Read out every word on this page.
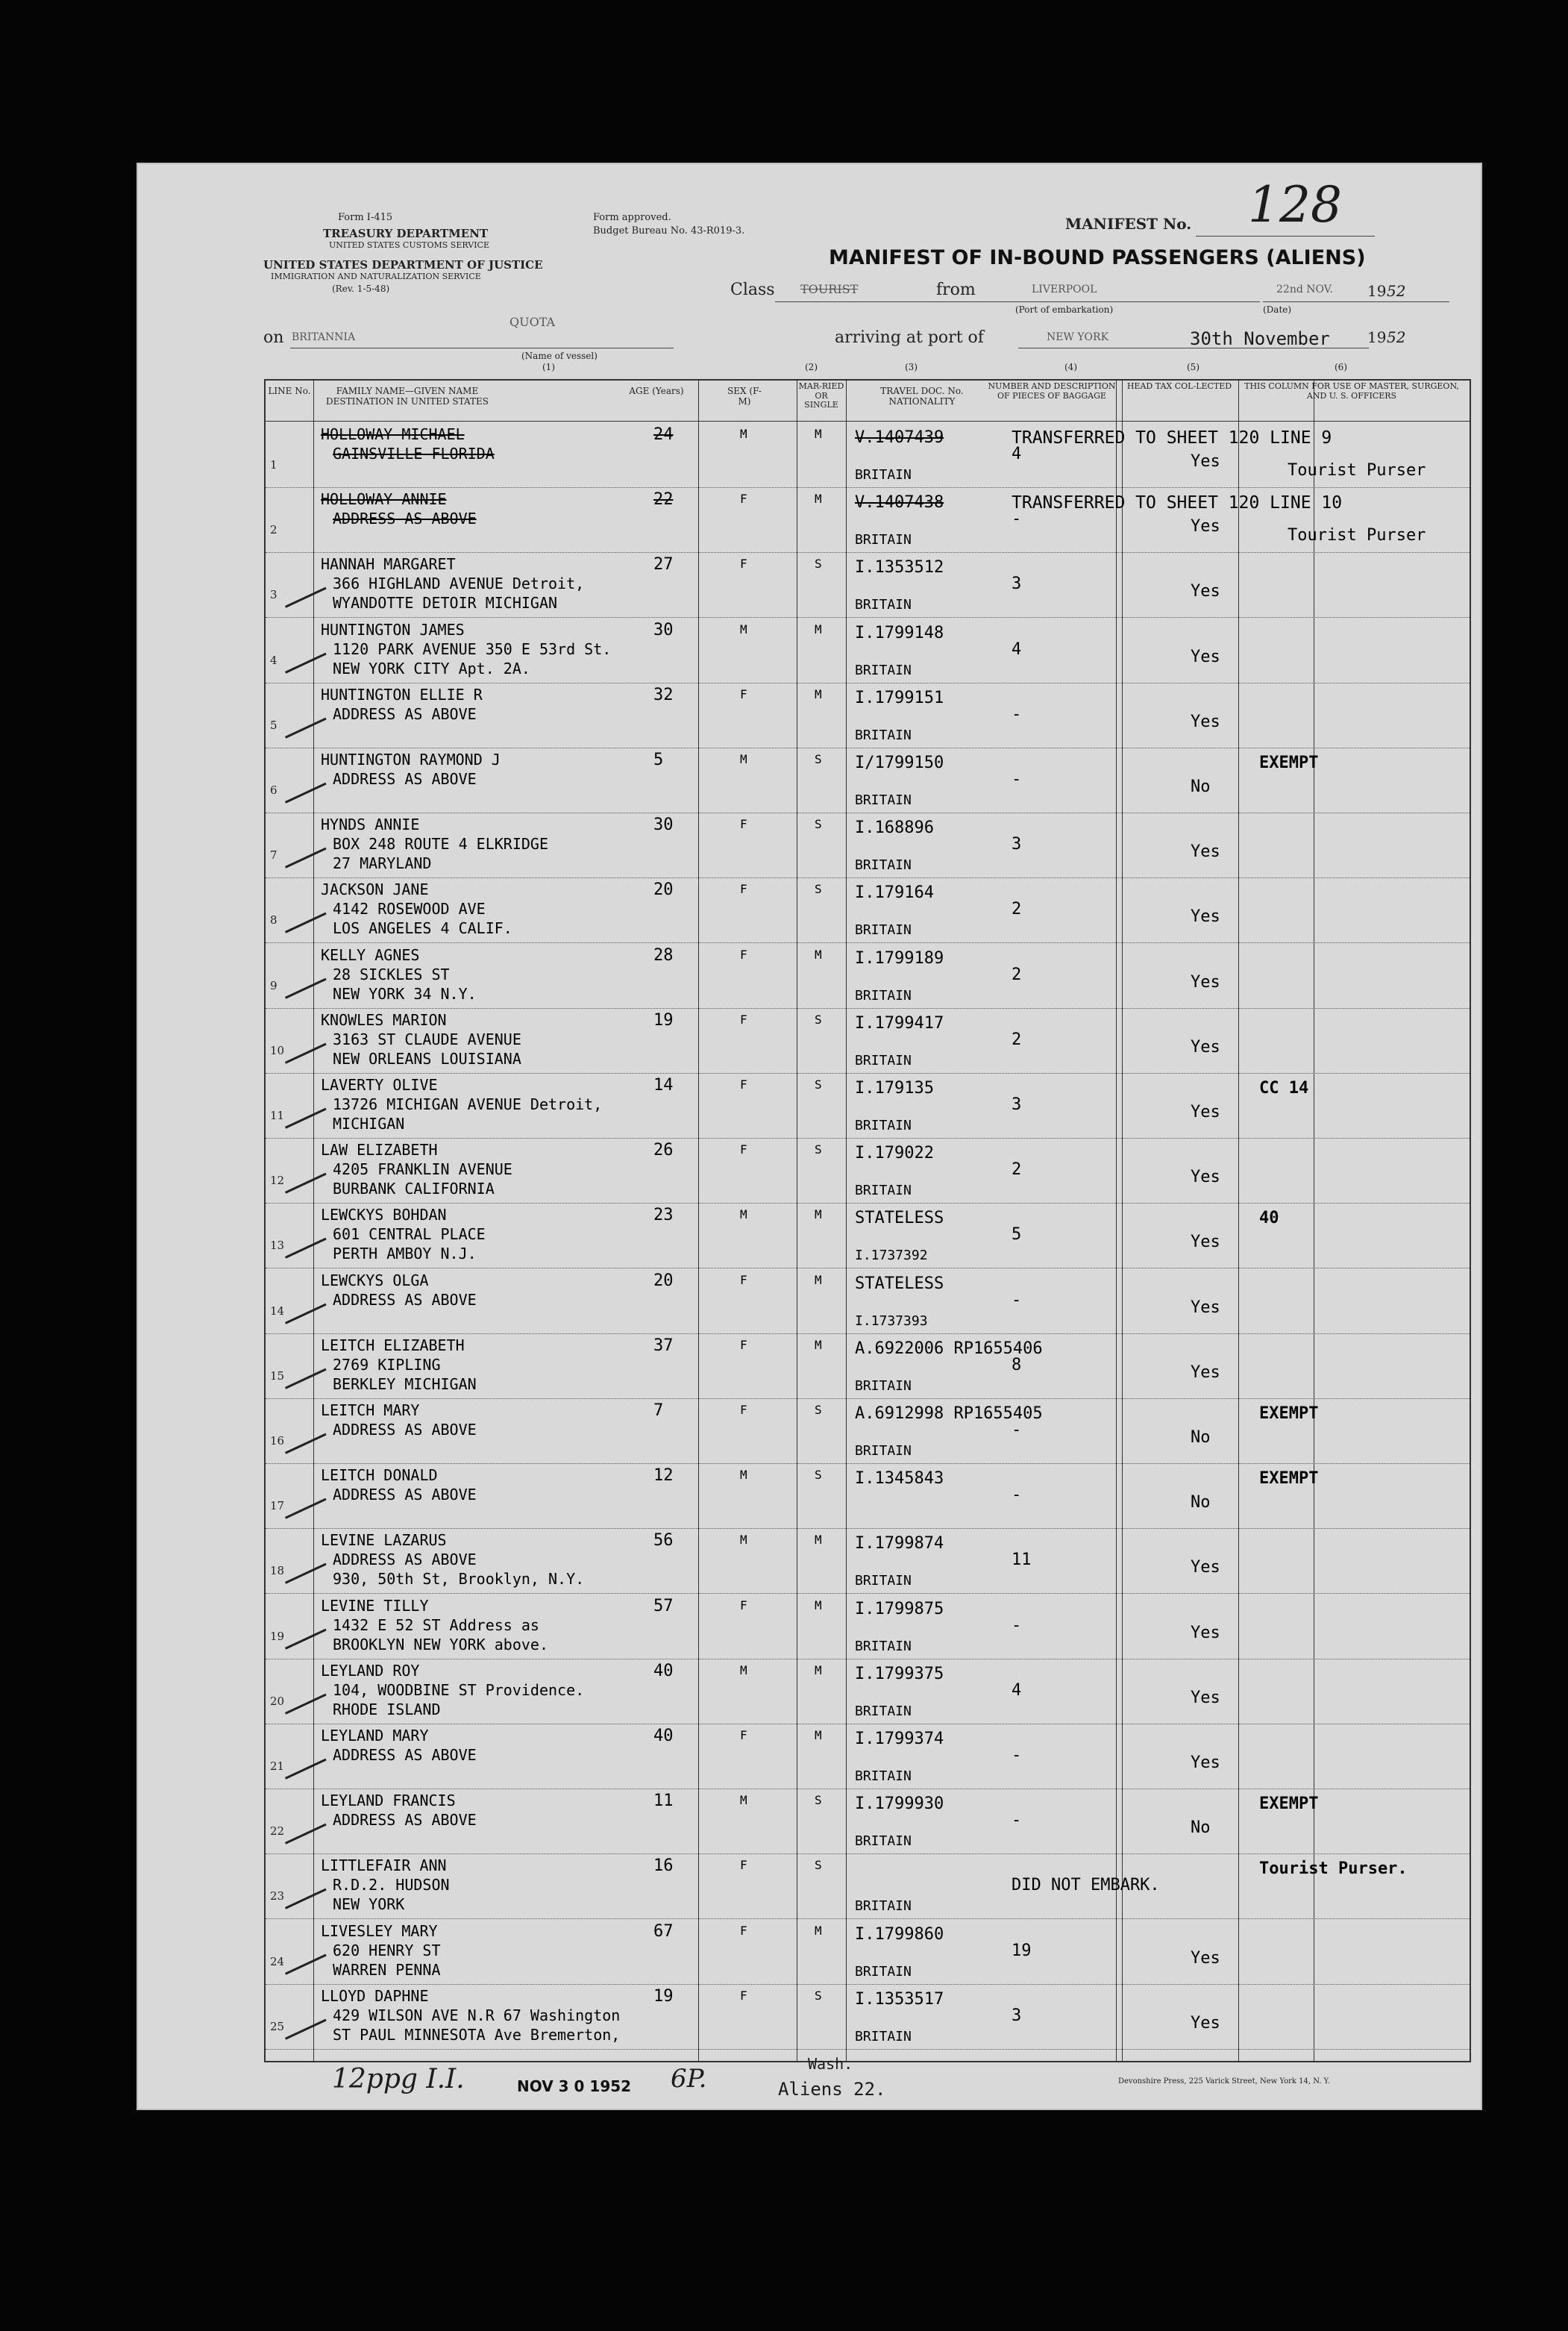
Form I-415
TREASURY DEPARTMENT
UNITED STATES CUSTOMS SERVICE
UNITED STATES DEPARTMENT OF JUSTICE
IMMIGRATION AND NATURALIZATION SERVICE
(Rev. 1-5-48)
Form approved.
Budget Bureau No. 43-R019-3.	MANIFEST No. 128
MANIFEST OF IN-BOUND PASSENGERS (ALIENS)
Class TOURIST	from	LIVERPOOL
(Port of embarkation)
22nd NOV.
(Date)
19 52
on BRITANNIA
QUOTA
(Name of vessel)
arriving at port of	NEW YORK	30th November	19 52
(1)	(2)	(3)	(4)	(5)	(6)
LINE No.	FAMILY NAME—GIVEN NAME
DESTINATION IN UNITED STATES
AGE (Years)	SEX (F-M)
MAR-RIED OR SINGLE
TRAVEL DOC. No. NATIONALITY
NUMBER AND DESCRIPTION OF PIECES OF BAGGAGE
HEAD TAX COL-LECTED	THIS COLUMN FOR USE OF MASTER, SURGEON, AND U. S. OFFICERS
1
HOLLOWAY MICHAEL
GAINSVILLE FLORIDA
24	M	M V.1407439
BRITAIN
4	Yes
TRANSFERRED TO SHEET 120 LINE 9
Tourist Purser
2
HOLLOWAY ANNIE
ADDRESS AS ABOVE
22	F	M V.1407438
BRITAIN
-	Yes
TRANSFERRED TO SHEET 120 LINE 10
Tourist Purser
3
HANNAH MARGARET
366 HIGHLAND AVENUE Detroit,
WYANDOTTE DETOIR MICHIGAN
27	F	S I.1353512
BRITAIN
3	Yes
4
HUNTINGTON JAMES
1120 PARK AVENUE 350 E 53rd St.
NEW YORK CITY Apt. 2A.
30	M	M I.1799148
BRITAIN
4	Yes
5
HUNTINGTON ELLIE R
ADDRESS AS ABOVE
32	F	M I.1799151
BRITAIN
-	Yes
6
HUNTINGTON RAYMOND J
ADDRESS AS ABOVE
5	M	S I/1799150
BRITAIN
-	No
EXEMPT
7
HYNDS ANNIE
BOX 248 ROUTE 4 ELKRIDGE
27 MARYLAND
30	F	S I.168896
BRITAIN
3	Yes
8
JACKSON JANE
4142 ROSEWOOD AVE
LOS ANGELES 4 CALIF.
20	F	S I.179164
BRITAIN
2	Yes
9
KELLY AGNES
28 SICKLES ST
NEW YORK 34 N.Y.
28	F	M I.1799189
BRITAIN
2	Yes
10
KNOWLES MARION
3163 ST CLAUDE AVENUE
NEW ORLEANS LOUISIANA
19	F	S I.1799417
BRITAIN
2	Yes
11
LAVERTY OLIVE
13726 MICHIGAN AVENUE Detroit,
MICHIGAN
14	F	S I.179135
BRITAIN
3	Yes
CC 14
12
LAW ELIZABETH
4205 FRANKLIN AVENUE
BURBANK CALIFORNIA
26	F	S I.179022
BRITAIN
2	Yes
13
LEWCKYS BOHDAN
601 CENTRAL PLACE
PERTH AMBOY N.J.
23	M	M STATELESS
I.1737392
5	Yes
40
14
LEWCKYS OLGA
ADDRESS AS ABOVE
20	F	M STATELESS
I.1737393
-	Yes
15
LEITCH ELIZABETH
2769 KIPLING
BERKLEY MICHIGAN
37	F	M A.6922006 RP1655406
BRITAIN
8	Yes
16
LEITCH MARY
ADDRESS AS ABOVE
7	F	S A.6912998 RP1655405
BRITAIN
-	No
EXEMPT
17
LEITCH DONALD
ADDRESS AS ABOVE
12	M	S I.1345843
-	No
EXEMPT
18
LEVINE LAZARUS
ADDRESS AS ABOVE
930, 50th St, Brooklyn, N.Y.
56	M	M I.1799874
BRITAIN
11	Yes
19
LEVINE TILLY
1432 E 52 ST Address as
BROOKLYN NEW YORK above.
57	F	M I.1799875
BRITAIN
-	Yes
20
LEYLAND ROY
104, WOODBINE ST Providence.
RHODE ISLAND
40	M	M I.1799375
BRITAIN
4	Yes
21
LEYLAND MARY
ADDRESS AS ABOVE
40	F	M I.1799374
BRITAIN
-	Yes
22
LEYLAND FRANCIS
ADDRESS AS ABOVE
11	M	S I.1799930
BRITAIN
-	No
EXEMPT
23
LITTLEFAIR ANN
R.D.2. HUDSON
NEW YORK
16	F	S
BRITAIN
DID NOT EMBARK.
Tourist Purser.
24
LIVESLEY MARY
620 HENRY ST
WARREN PENNA
67	F	M I.1799860
BRITAIN
19	Yes
25
LLOYD DAPHNE
429 WILSON AVE N.R 67 Washington
ST PAUL MINNESOTA Ave Bremerton,
19	F	S I.1353517
BRITAIN
3	Yes
12ppg I.I.	NOV 3 0 1952 6P.	Wash.
Aliens 22.	Devonshire Press, 225 Varick Street, New York 14, N. Y.
